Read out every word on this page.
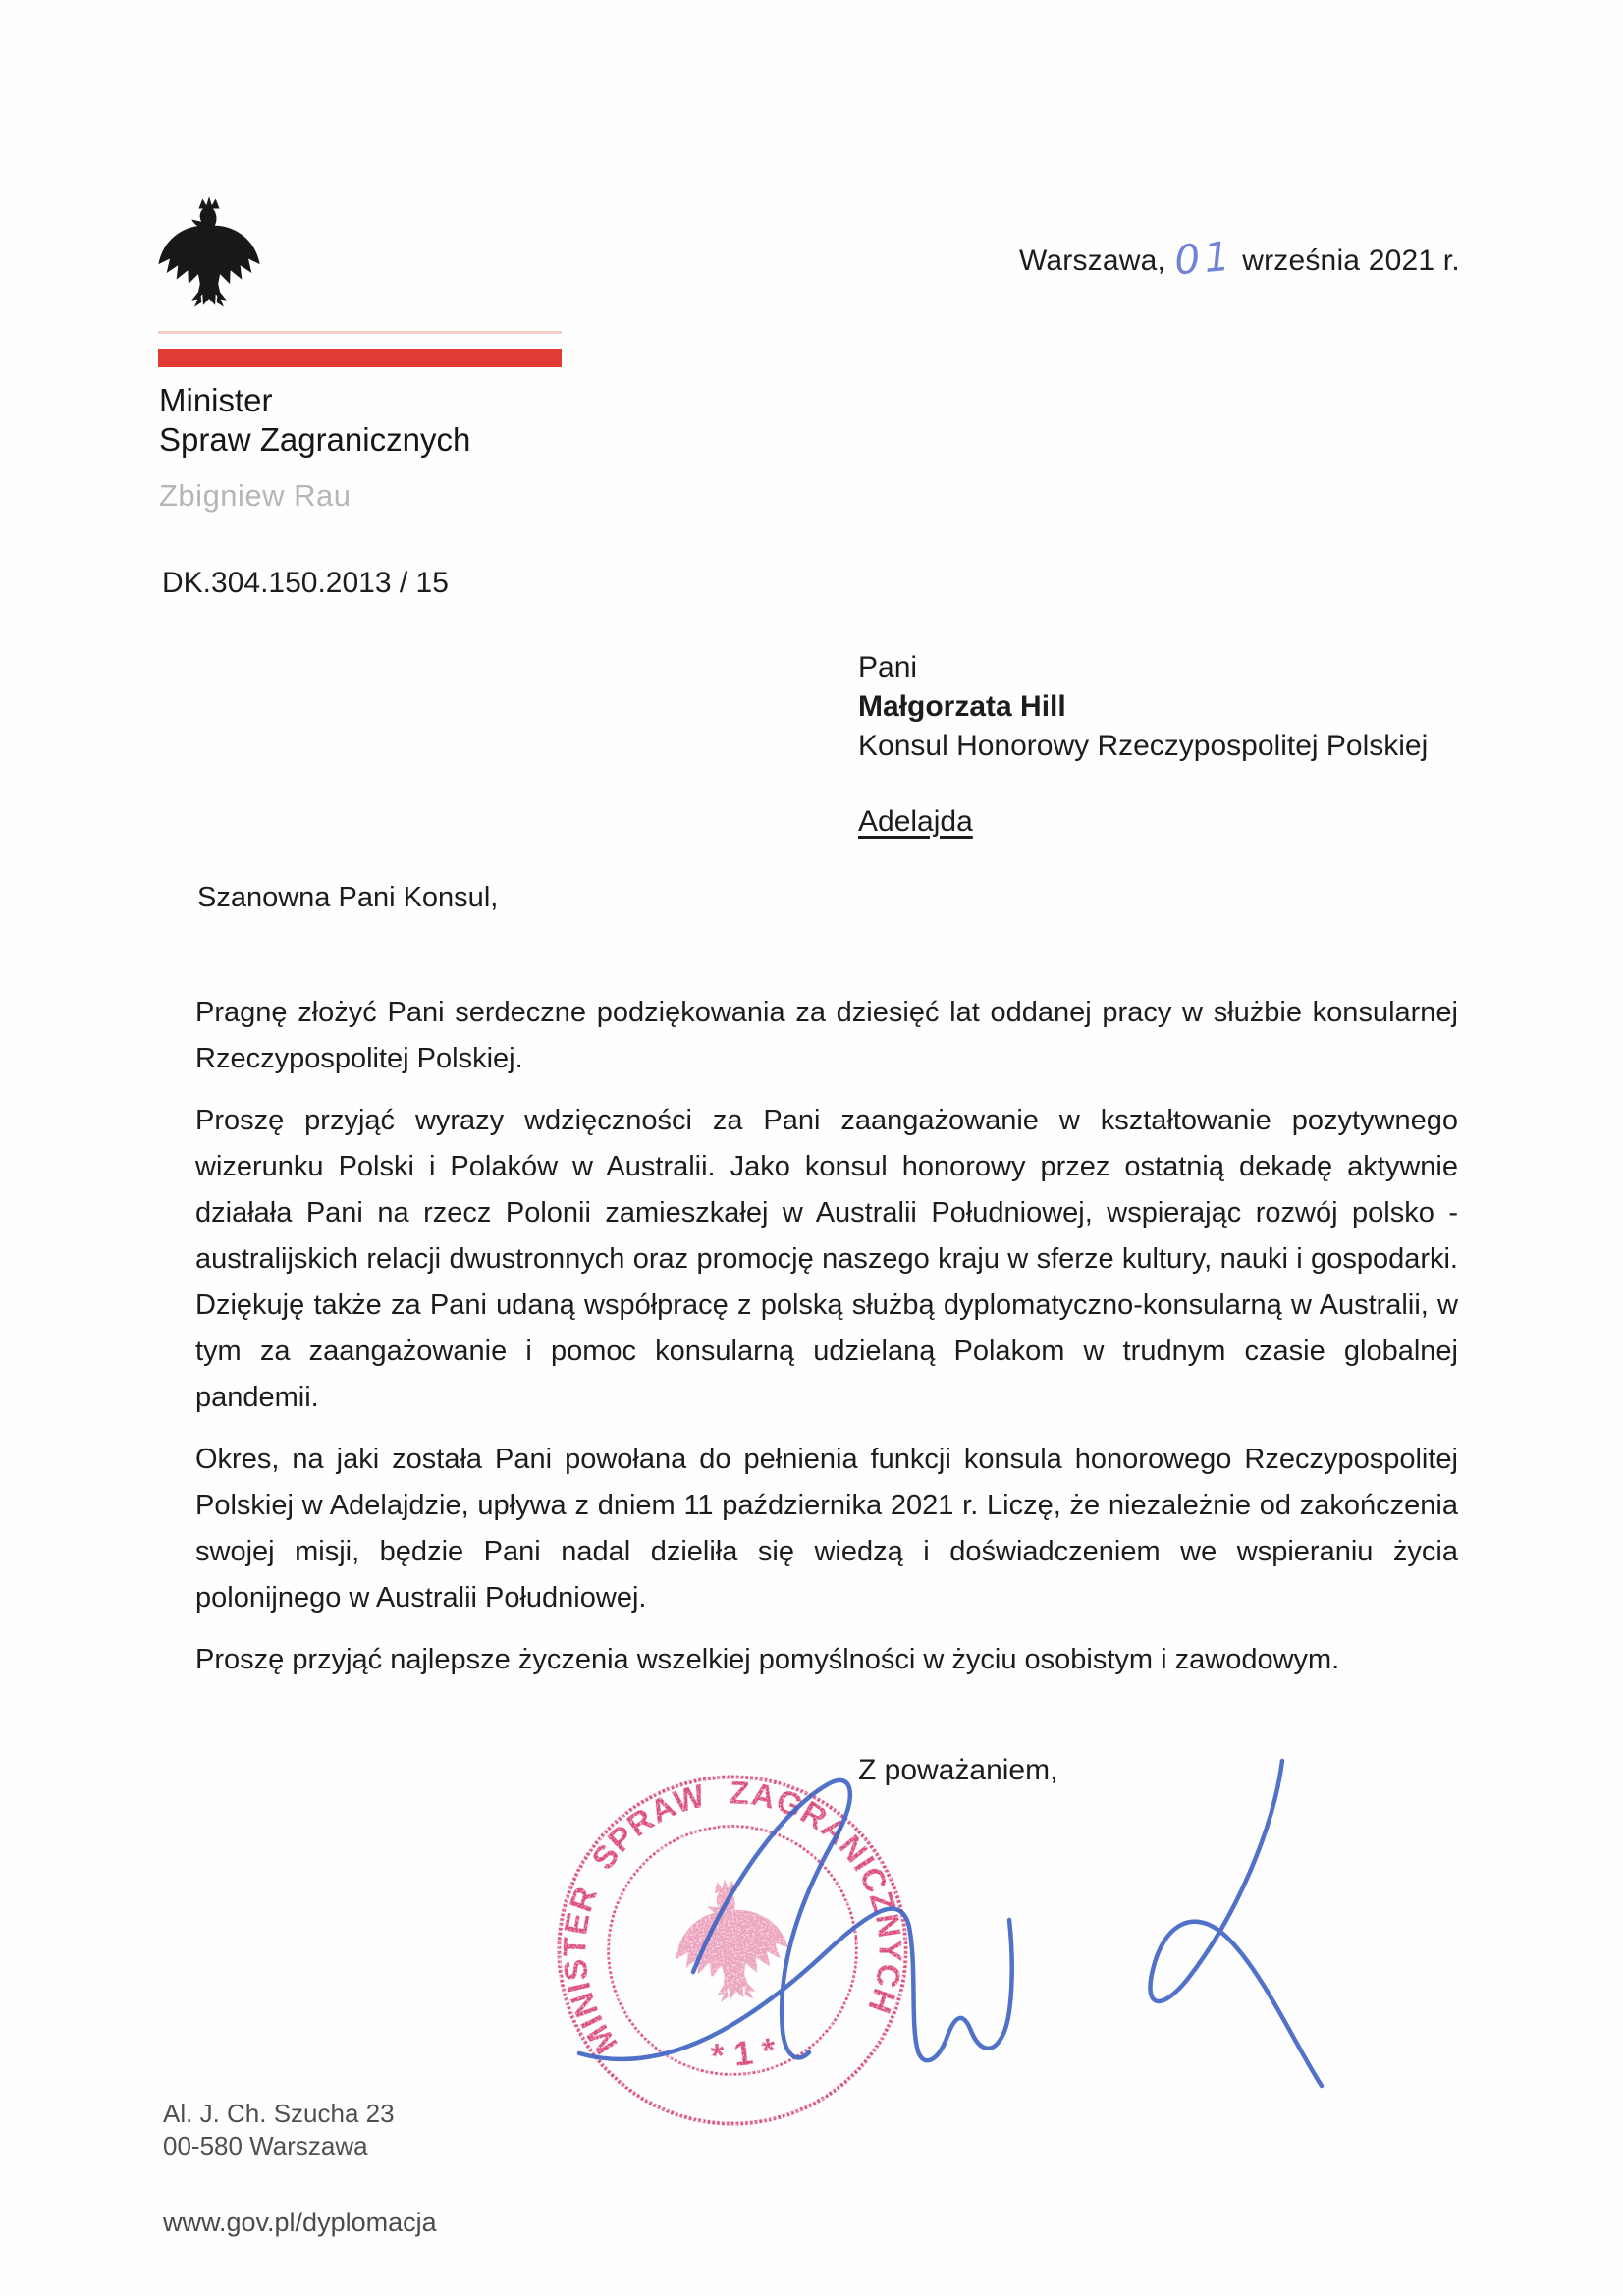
Warszawa, 01 września 2021 r.
Minister
Spraw Zagranicznych
Zbigniew Rau
DK.304.150.2013 / 15
Pani
Małgorzata Hill
Konsul Honorowy Rzeczypospolitej Polskiej
Adelajda

Szanowna Pani Konsul,

Pragnę złożyć Pani serdeczne podziękowania za dziesięć lat oddanej pracy w służbie konsularnej Rzeczypospolitej Polskiej.

Proszę przyjąć wyrazy wdzięczności za Pani zaangażowanie w kształtowanie pozytywnego wizerunku Polski i Polaków w Australii. Jako konsul honorowy przez ostatnią dekadę aktywnie działała Pani na rzecz Polonii zamieszkałej w Australii Południowej, wspierając rozwój polsko -australijskich relacji dwustronnych oraz promocję naszego kraju w sferze kultury, nauki i gospodarki. Dziękuję także za Pani udaną współpracę z polską służbą dyplomatyczno-konsularną w Australii, w tym za zaangażowanie i pomoc konsularną udzielaną Polakom w trudnym czasie globalnej pandemii.

Okres, na jaki została Pani powołana do pełnienia funkcji konsula honorowego Rzeczypospolitej Polskiej w Adelajdzie, upływa z dniem 11 października 2021 r. Liczę, że niezależnie od zakończenia swojej misji, będzie Pani nadal dzieliła się wiedzą i doświadczeniem we wspieraniu życia polonijnego w Australii Południowej.

Proszę przyjąć najlepsze życzenia wszelkiej pomyślności w życiu osobistym i zawodowym.

Z poważaniem,
MINISTER SPRAW ZAGRANICZNYCH
* 1 *
Al. J. Ch. Szucha 23
00-580 Warszawa
www.gov.pl/dyplomacja
